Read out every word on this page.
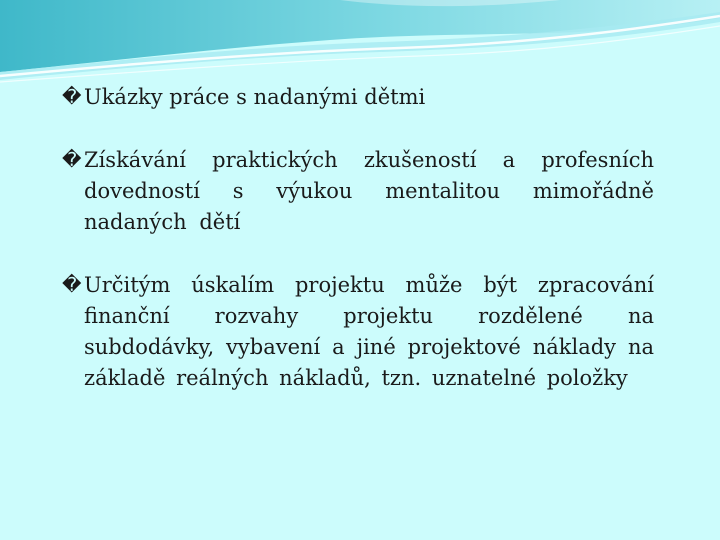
� Ukázky práce s nadanými dětmi
� Získávání praktických zkušeností a profesních dovedností s výukou mentalitou mimořádně nadaných dětí
� Určitým úskalím projektu může být zpracování finanční rozvahy projektu rozdělené na subdodávky, vybavení a jiné projektové náklady na základě reálných nákladů, tzn. uznatelné položky
